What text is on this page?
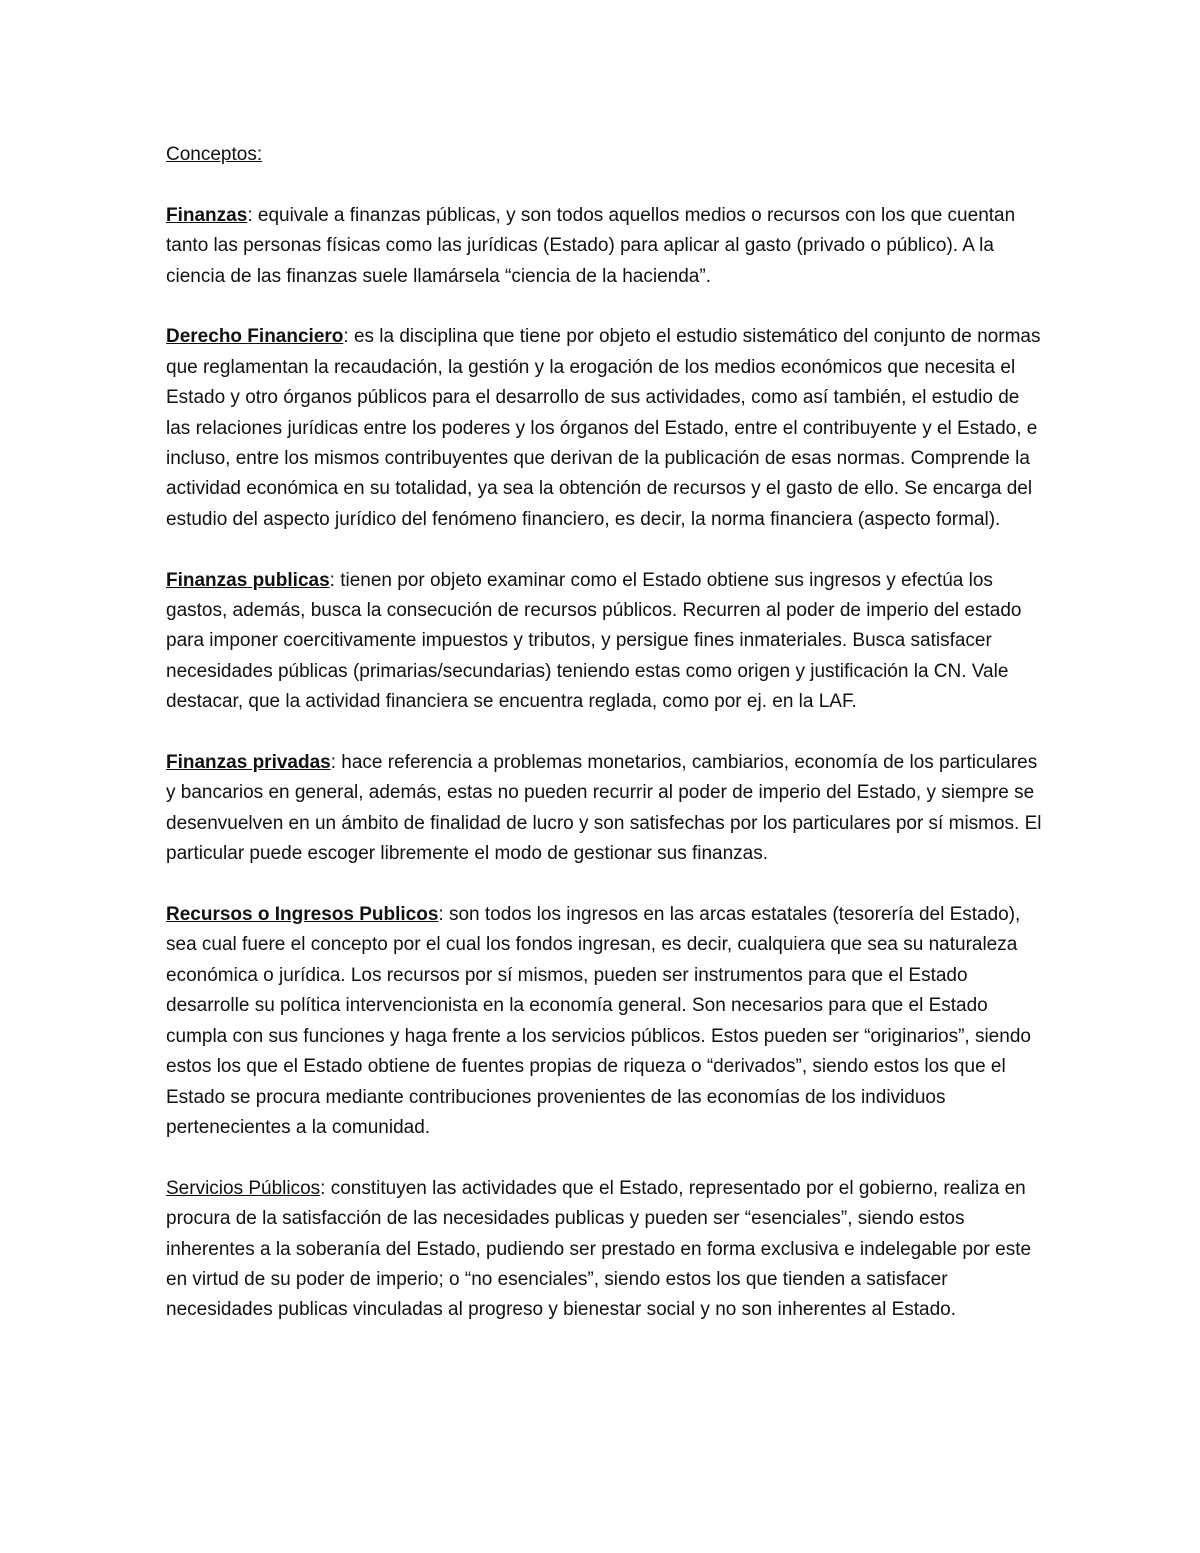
Conceptos:

Finanzas: equivale a finanzas públicas, y son todos aquellos medios o recursos con los que cuentan tanto las personas físicas como las jurídicas (Estado) para aplicar al gasto (privado o público). A la ciencia de las finanzas suele llamársela “ciencia de la hacienda”.

Derecho Financiero: es la disciplina que tiene por objeto el estudio sistemático del conjunto de normas que reglamentan la recaudación, la gestión y la erogación de los medios económicos que necesita el Estado y otro órganos públicos para el desarrollo de sus actividades, como así también, el estudio de las relaciones jurídicas entre los poderes y los órganos del Estado, entre el contribuyente y el Estado, e incluso, entre los mismos contribuyentes que derivan de la publicación de esas normas. Comprende la actividad económica en su totalidad, ya sea la obtención de recursos y el gasto de ello. Se encarga del estudio del aspecto jurídico del fenómeno financiero, es decir, la norma financiera (aspecto formal).

Finanzas publicas: tienen por objeto examinar como el Estado obtiene sus ingresos y efectúa los gastos, además, busca la consecución de recursos públicos. Recurren al poder de imperio del estado para imponer coercitivamente impuestos y tributos, y persigue fines inmateriales. Busca satisfacer necesidades públicas (primarias/secundarias) teniendo estas como origen y justificación la CN. Vale destacar, que la actividad financiera se encuentra reglada, como por ej. en la LAF.

Finanzas privadas: hace referencia a problemas monetarios, cambiarios, economía de los particulares y bancarios en general, además, estas no pueden recurrir al poder de imperio del Estado, y siempre se desenvuelven en un ámbito de finalidad de lucro y son satisfechas por los particulares por sí mismos. El particular puede escoger libremente el modo de gestionar sus finanzas.

Recursos o Ingresos Publicos: son todos los ingresos en las arcas estatales (tesorería del Estado), sea cual fuere el concepto por el cual los fondos ingresan, es decir, cualquiera que sea su naturaleza económica o jurídica. Los recursos por sí mismos, pueden ser instrumentos para que el Estado desarrolle su política intervencionista en la economía general. Son necesarios para que el Estado cumpla con sus funciones y haga frente a los servicios públicos. Estos pueden ser “originarios”, siendo estos los que el Estado obtiene de fuentes propias de riqueza o “derivados”, siendo estos los que el Estado se procura mediante contribuciones provenientes de las economías de los individuos pertenecientes a la comunidad.

Servicios Públicos: constituyen las actividades que el Estado, representado por el gobierno, realiza en procura de la satisfacción de las necesidades publicas y pueden ser “esenciales”, siendo estos inherentes a la soberanía del Estado, pudiendo ser prestado en forma exclusiva e indelegable por este en virtud de su poder de imperio; o “no esenciales”, siendo estos los que tienden a satisfacer necesidades publicas vinculadas al progreso y bienestar social y no son inherentes al Estado.
